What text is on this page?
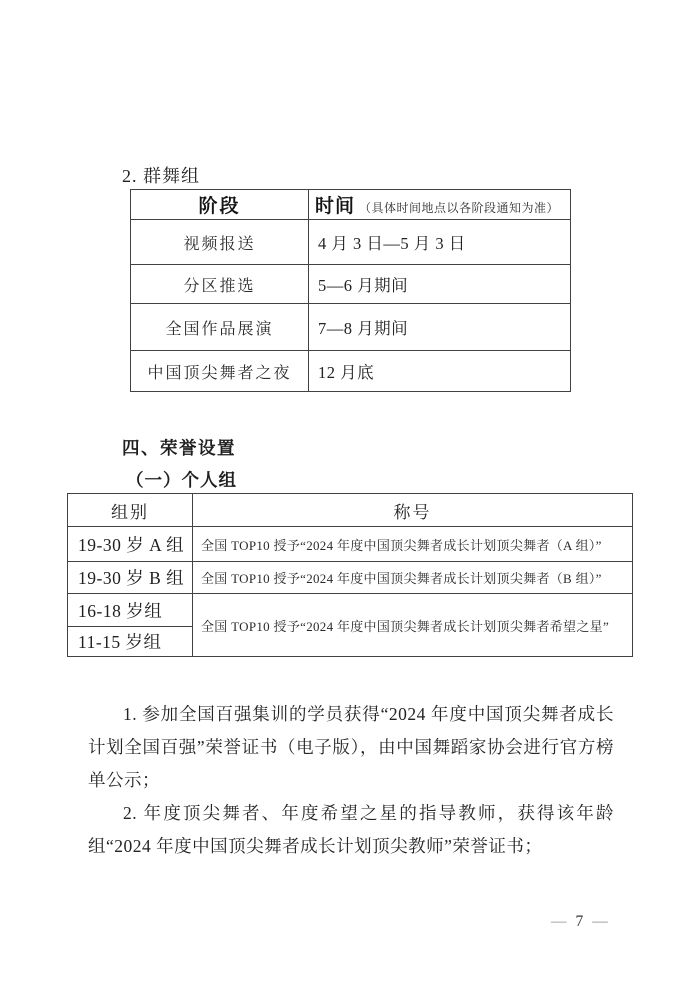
2. 群舞组
阶段	时间 （具体时间地点以各阶段通知为准）
视频报送	4 月 3 日—5 月 3 日
分区推选	5—6 月期间
全国作品展演	7—8 月期间
中国顶尖舞者之夜	12 月底
四、荣誉设置
（一）个人组
组别	称号
19-30 岁 A 组	全国 TOP10 授予“2024 年度中国顶尖舞者成长计划顶尖舞者（A 组）”
19-30 岁 B 组	全国 TOP10 授予“2024 年度中国顶尖舞者成长计划顶尖舞者（B 组）”
16-18 岁组	全国 TOP10 授予“2024 年度中国顶尖舞者成长计划顶尖舞者希望之星”
11-15 岁组	

1. 参加全国百强集训的学员获得“2024 年度中国顶尖舞者成长计划全国百强”荣誉证书（电子版），由中国舞蹈家协会进行官方榜单公示；

2. 年度顶尖舞者、年度希望之星的指导教师，获得该年龄组“2024 年度中国顶尖舞者成长计划顶尖教师”荣誉证书；

— 7 —
